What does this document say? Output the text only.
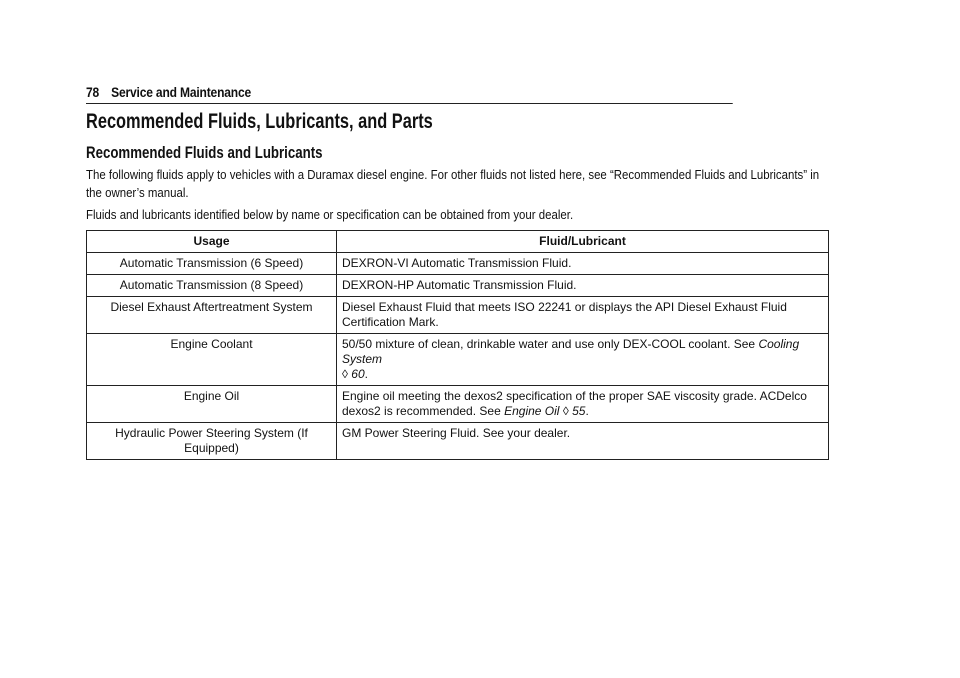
78 Service and Maintenance
Recommended Fluids, Lubricants, and Parts
Recommended Fluids and Lubricants

The following fluids apply to vehicles with a Duramax diesel engine. For other fluids not listed here, see “Recommended Fluids and Lubricants” in the owner’s manual.

Fluids and lubricants identified below by name or specification can be obtained from your dealer.

Usage	Fluid/Lubricant
Automatic Transmission (6 Speed)	DEXRON-VI Automatic Transmission Fluid.
Automatic Transmission (8 Speed)	DEXRON-HP Automatic Transmission Fluid.
Diesel Exhaust Aftertreatment System	Diesel Exhaust Fluid that meets ISO 22241 or displays the API Diesel Exhaust Fluid Certification Mark.
Engine Coolant	50/50 mixture of clean, drinkable water and use only DEX-COOL coolant. See Cooling System
◊ 60.
Engine Oil	Engine oil meeting the dexos2 specification of the proper SAE viscosity grade. ACDelco dexos2 is recommended. See Engine Oil ◊ 55.
Hydraulic Power Steering System (If Equipped)	GM Power Steering Fluid. See your dealer.
